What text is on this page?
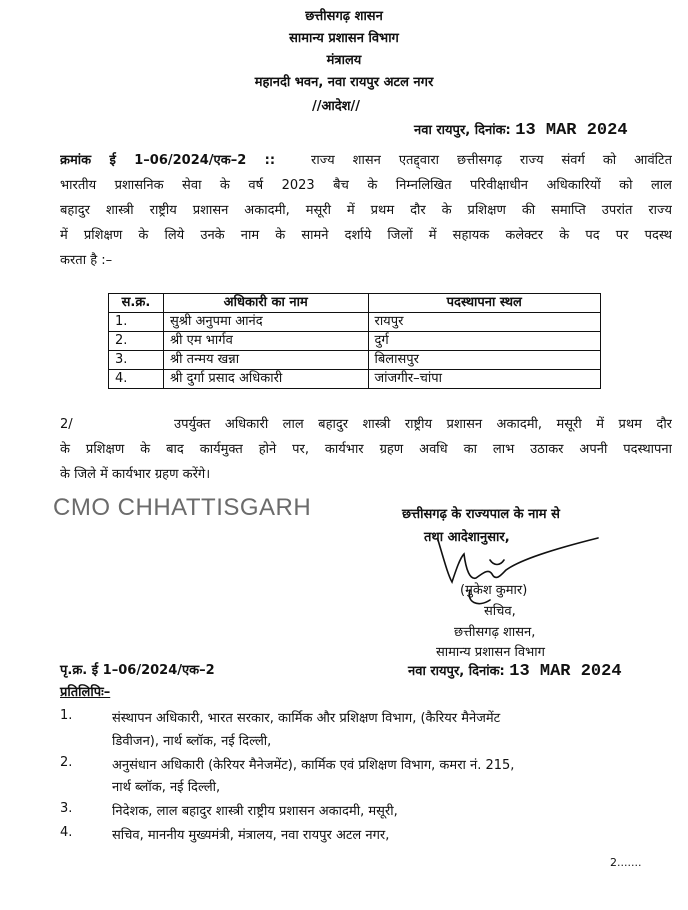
छत्तीसगढ़ शासन
सामान्य प्रशासन विभाग
मंत्रालय
महानदी भवन, नवा रायपुर अटल नगर
//आदेश//
नवा रायपुर, दिनांक: 13 MAR 2024
क्रमांक ई 1–06/2024/एक–2 ::	राज्य शासन एतद्द्वारा छत्तीसगढ़ राज्य संवर्ग को आवंटित
भारतीय प्रशासनिक सेवा के वर्ष 2023 बैच के निम्नलिखित परिवीक्षाधीन अधिकारियों को लाल
बहादुर शास्त्री राष्ट्रीय प्रशासन अकादमी, मसूरी में प्रथम दौर के प्रशिक्षण की समाप्ति उपरांत राज्य
में प्रशिक्षण के लिये उनके नाम के सामने दर्शाये जिलों में सहायक कलेक्टर के पद पर पदस्थ
करता है :–
स.क्र.	अधिकारी का नाम	पदस्थापना स्थल
1.	सुश्री अनुपमा आनंद	रायपुर
2.	श्री एम भार्गव	दुर्ग
3.	श्री तन्मय खन्ना	बिलासपुर
4.	श्री दुर्गा प्रसाद अधिकारी	जांजगीर–चांपा
2/	उपर्युक्त अधिकारी लाल बहादुर शास्त्री राष्ट्रीय प्रशासन अकादमी, मसूरी में प्रथम दौर
के प्रशिक्षण के बाद कार्यमुक्त होने पर, कार्यभार ग्रहण अवधि का लाभ उठाकर अपनी पदस्थापना
के जिले में कार्यभार ग्रहण करेंगे।
CMO CHHATTISGARH	छत्तीसगढ़ के राज्यपाल के नाम से
तथा आदेशानुसार,
(मुकेश कुमार)
सचिव,
छत्तीसगढ़ शासन,
सामान्य प्रशासन विभाग
पृ.क्र. ई 1–06/2024/एक–2	नवा रायपुर, दिनांक: 13 MAR 2024
प्रतिलिपिः–
1.	संस्थापन अधिकारी, भारत सरकार, कार्मिक और प्रशिक्षण विभाग, (कैरियर मैनेजमेंट
डिवीजन), नार्थ ब्लॉक, नई दिल्ली,
2.	अनुसंधान अधिकारी (केरियर मैनेजमेंट), कार्मिक एवं प्रशिक्षण विभाग, कमरा नं. 215,
नार्थ ब्लॉक, नई दिल्ली,
3.	निदेशक, लाल बहादुर शास्त्री राष्ट्रीय प्रशासन अकादमी, मसूरी,
4.	सचिव, माननीय मुख्यमंत्री, मंत्रालय, नवा रायपुर अटल नगर,
2.......
